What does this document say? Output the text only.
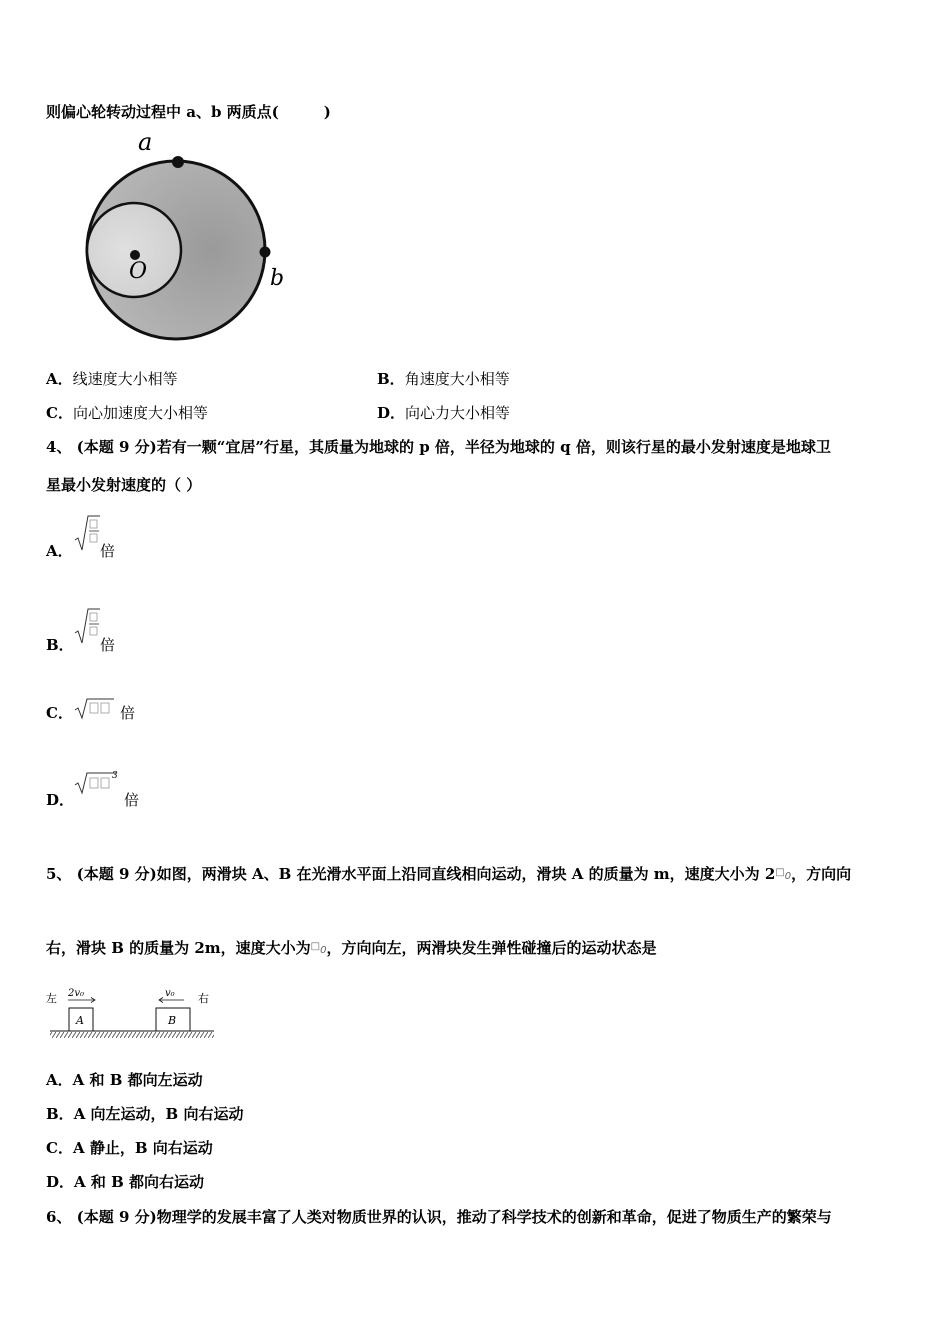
则偏心轮转动过程中 a、b 两质点(　　　)
a
O	b
A．线速度大小相等	B．角速度大小相等
C．向心加速度大小相等	D．向心力大小相等
4、 (本题 9 分)若有一颗“宜居”行星，其质量为地球的 p 倍，半径为地球的 q 倍，则该行星的最小发射速度是地球卫
星最小发射速度的（ ）
A． 倍
B． 倍
C．	倍
D．
3
倍
5、 (本题 9 分)如图，两滑块 A、B 在光滑水平面上沿同直线相向运动，滑块 A 的质量为 m，速度大小为 2□0，方向向
右，滑块 B 的质量为 2m，速度大小为□0，方向向左，两滑块发生弹性碰撞后的运动状态是
左	右
2v₀	v₀
A	B
A．A 和 B 都向左运动
B．A 向左运动，B 向右运动
C．A 静止，B 向右运动
D．A 和 B 都向右运动
6、 (本题 9 分)物理学的发展丰富了人类对物质世界的认识，推动了科学技术的创新和革命，促进了物质生产的繁荣与
